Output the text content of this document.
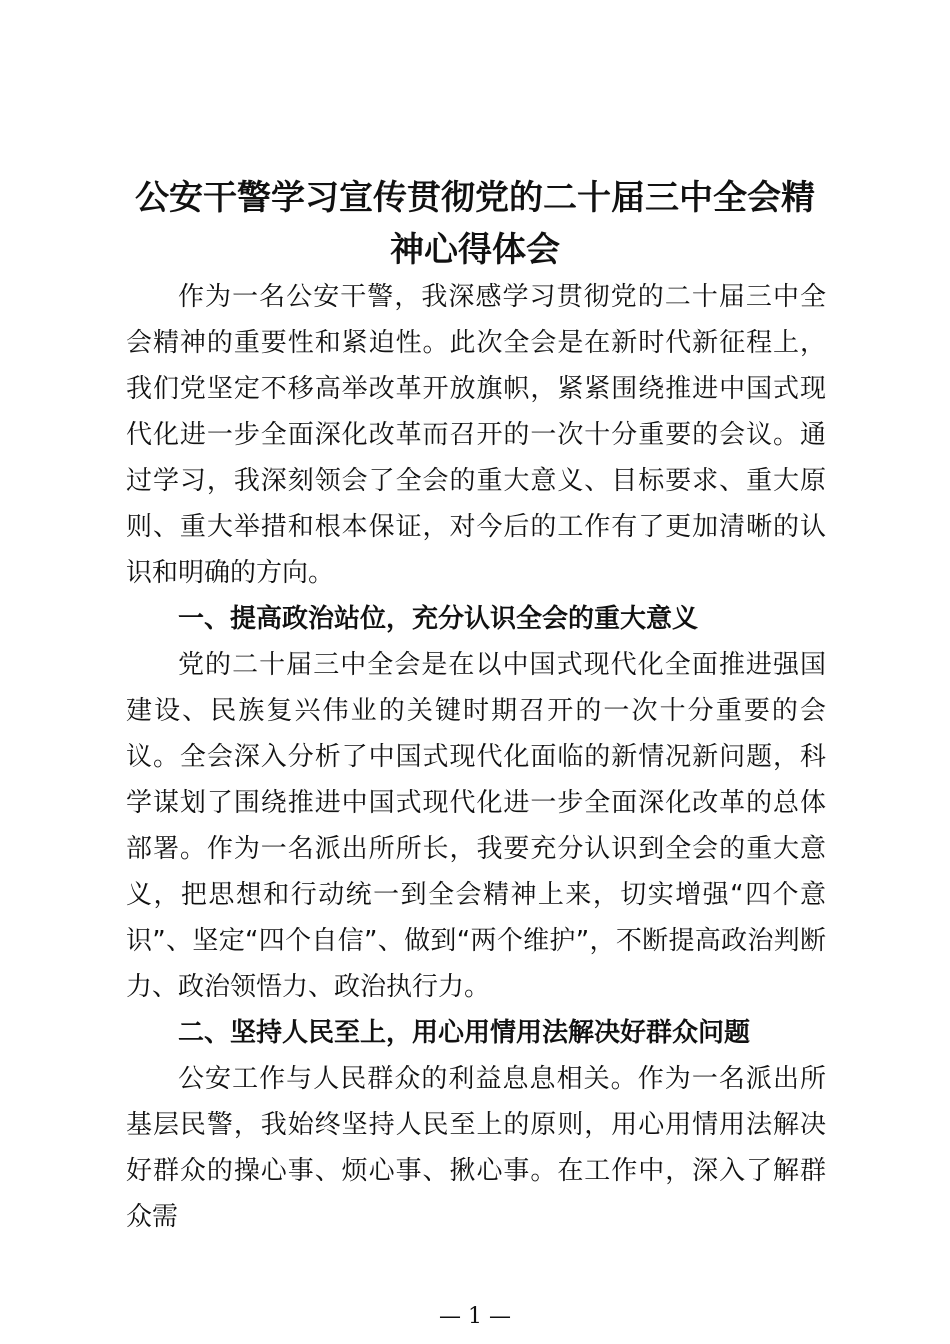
公安干警学习宣传贯彻党的二十届三中全会精神心得体会

作为一名公安干警，我深感学习贯彻党的二十届三中全会精神的重要性和紧迫性。此次全会是在新时代新征程上，我们党坚定不移高举改革开放旗帜，紧紧围绕推进中国式现代化进一步全面深化改革而召开的一次十分重要的会议。通过学习，我深刻领会了全会的重大意义、目标要求、重大原则、重大举措和根本保证，对今后的工作有了更加清晰的认识和明确的方向。

一、提高政治站位，充分认识全会的重大意义

党的二十届三中全会是在以中国式现代化全面推进强国建设、民族复兴伟业的关键时期召开的一次十分重要的会议。全会深入分析了中国式现代化面临的新情况新问题，科学谋划了围绕推进中国式现代化进一步全面深化改革的总体部署。作为一名派出所所长，我要充分认识到全会的重大意义，把思想和行动统一到全会精神上来，切实增强“四个意识”、坚定“四个自信”、做到“两个维护”，不断提高政治判断力、政治领悟力、政治执行力。

二、坚持人民至上，用心用情用法解决好群众问题

公安工作与人民群众的利益息息相关。作为一名派出所基层民警，我始终坚持人民至上的原则，用心用情用法解决好群众的操心事、烦心事、揪心事。在工作中，深入了解群众需

— 1 —
